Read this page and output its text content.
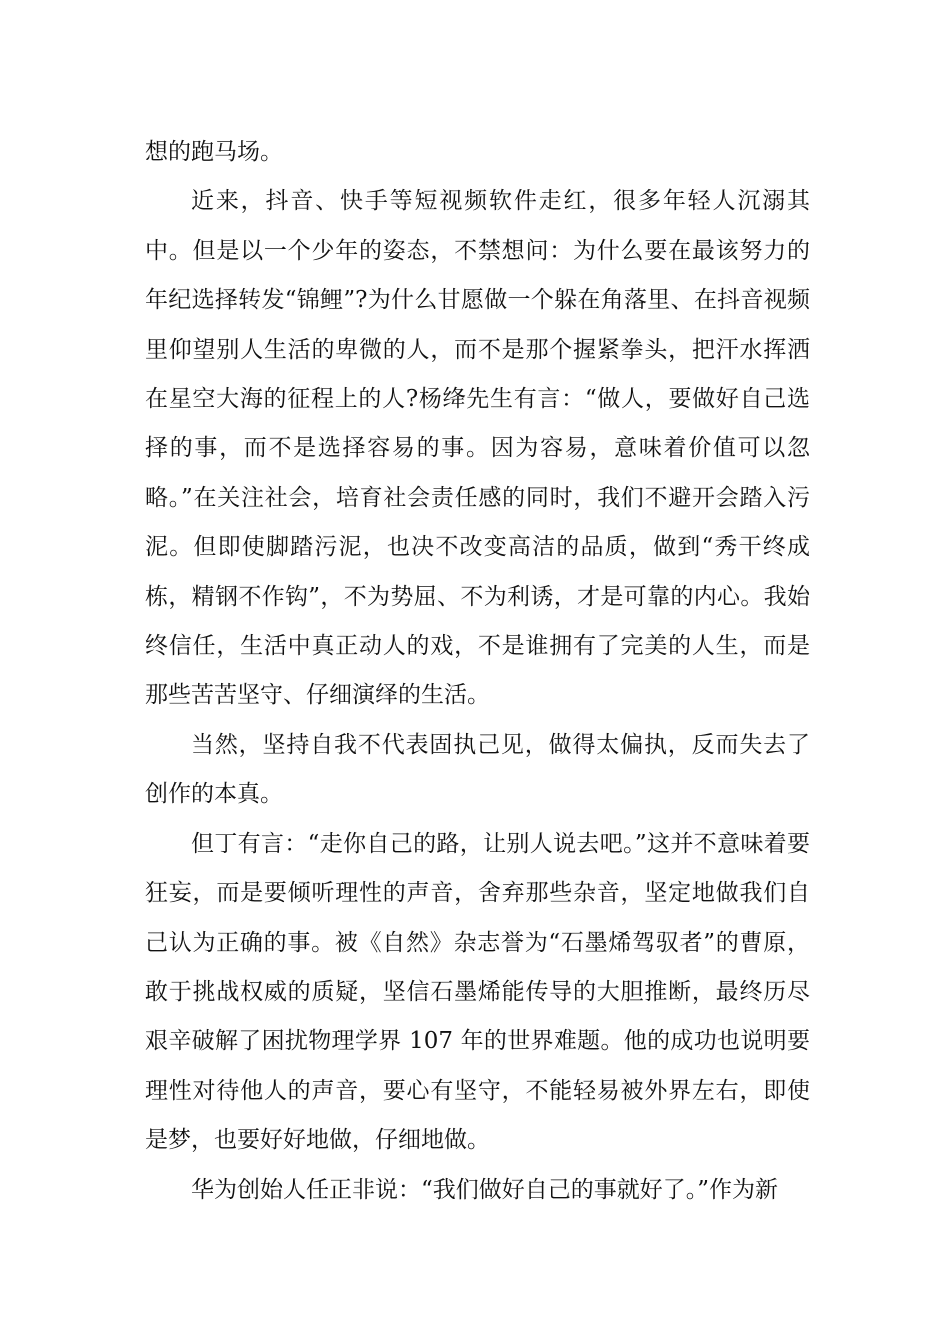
想的跑马场。

近来，抖音、快手等短视频软件走红，很多年轻人沉溺其中。但是以一个少年的姿态，不禁想问：为什么要在最该努力的年纪选择转发“锦鲤”?为什么甘愿做一个躲在角落里、在抖音视频里仰望别人生活的卑微的人，而不是那个握紧拳头，把汗水挥洒在星空大海的征程上的人?杨绛先生有言：“做人，要做好自己选择的事，而不是选择容易的事。因为容易，意味着价值可以忽略。”在关注社会，培育社会责任感的同时，我们不避开会踏入污泥。但即使脚踏污泥，也决不改变高洁的品质，做到“秀干终成栋，精钢不作钩”，不为势屈、不为利诱，才是可靠的内心。我始终信任，生活中真正动人的戏，不是谁拥有了完美的人生，而是那些苦苦坚守、仔细演绎的生活。

当然，坚持自我不代表固执己见，做得太偏执，反而失去了创作的本真。

但丁有言：“走你自己的路，让别人说去吧。”这并不意味着要狂妄，而是要倾听理性的声音，舍弃那些杂音，坚定地做我们自己认为正确的事。被《自然》杂志誉为“石墨烯驾驭者”的曹原，敢于挑战权威的质疑，坚信石墨烯能传导的大胆推断，最终历尽艰辛破解了困扰物理学界 107 年的世界难题。他的成功也说明要理性对待他人的声音，要心有坚守，不能轻易被外界左右，即使是梦，也要好好地做，仔细地做。

华为创始人任正非说：“我们做好自己的事就好了。”作为新
